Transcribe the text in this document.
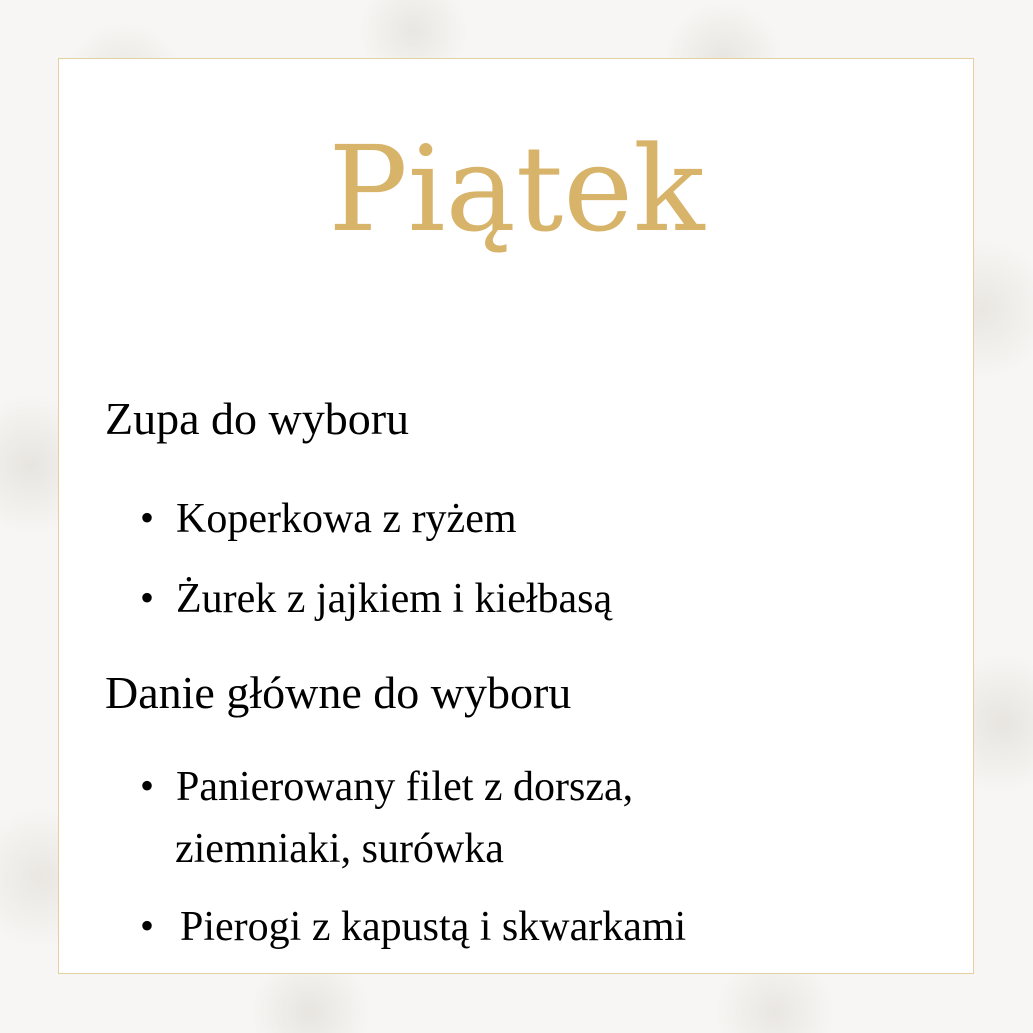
Piątek
Zupa do wyboru
• Koperkowa z ryżem
• Żurek z jajkiem i kiełbasą
Danie główne do wyboru
• Panierowany filet z dorsza,
ziemniaki, surówka
• Pierogi z kapustą i skwarkami
